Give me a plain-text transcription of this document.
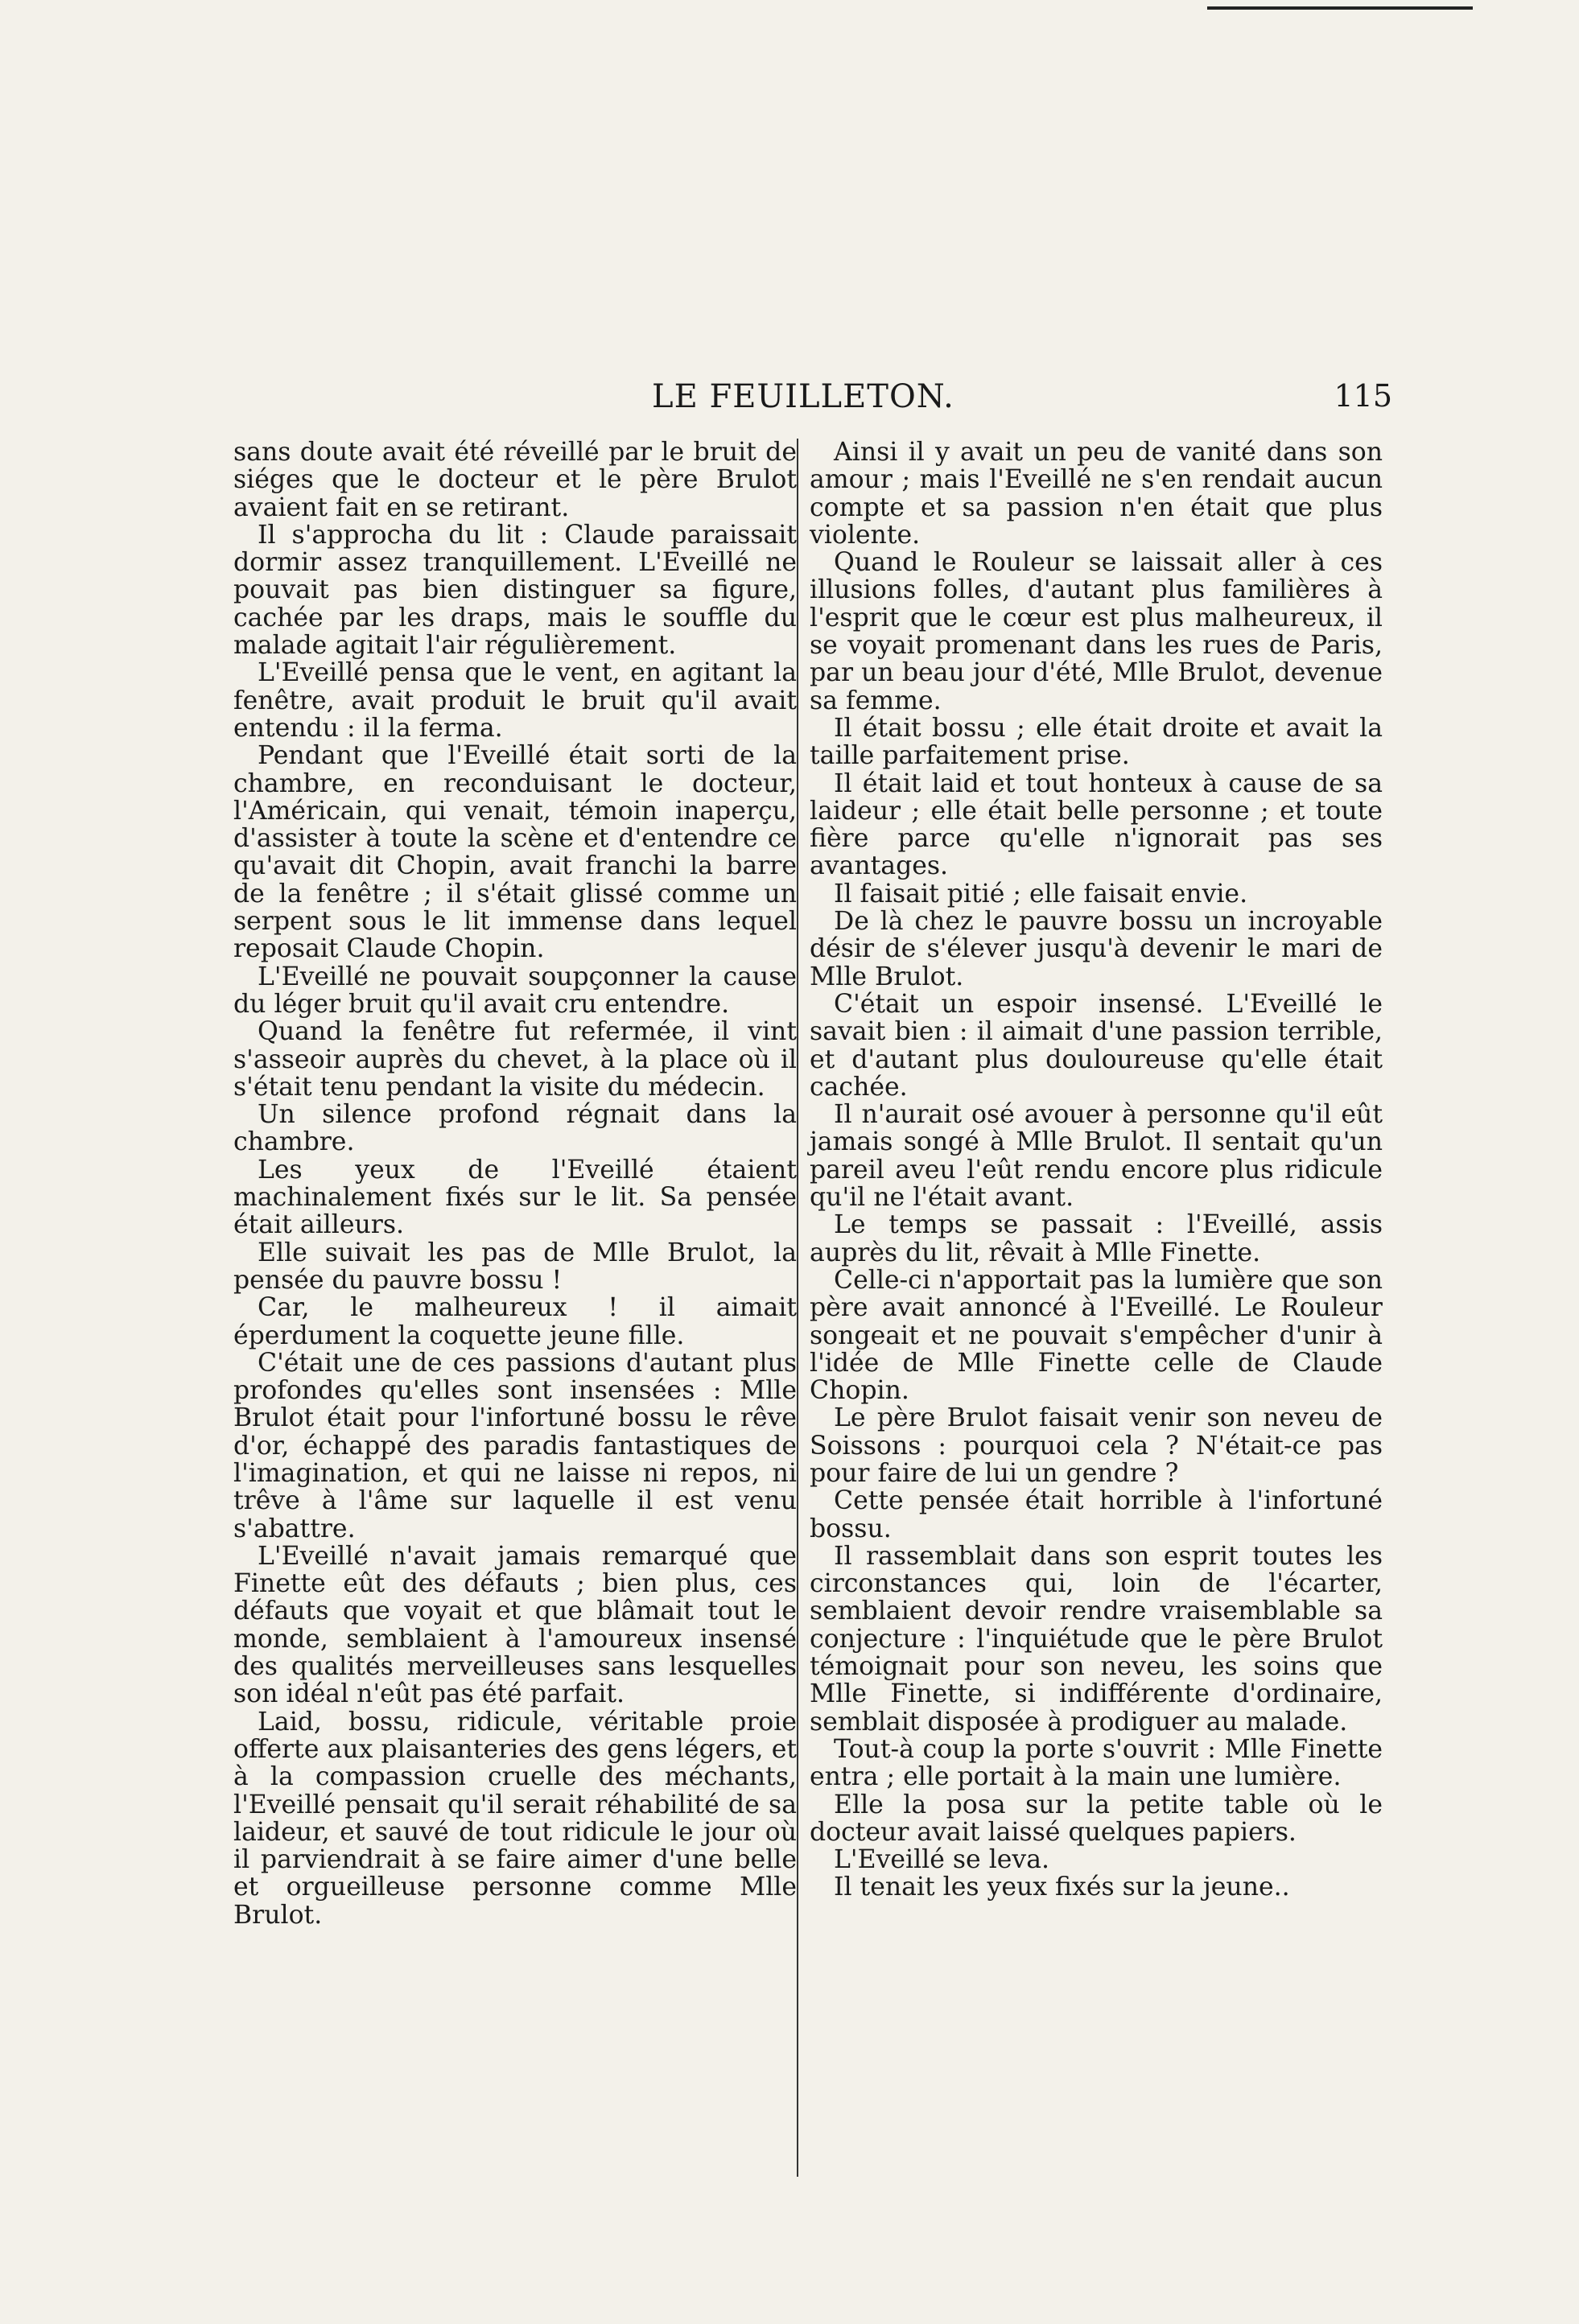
LE FEUILLETON.	115

sans doute avait été réveillé par le bruit de siéges que le docteur et le père Brulot avaient fait en se retirant.

Il s'approcha du lit : Claude paraissait dormir assez tranquillement. L'Eveillé ne pouvait pas bien distinguer sa figure, cachée par les draps, mais le souffle du malade agitait l'air régulièrement.

L'Eveillé pensa que le vent, en agitant la fenêtre, avait produit le bruit qu'il avait entendu : il la ferma.

Pendant que l'Eveillé était sorti de la chambre, en reconduisant le docteur, l'Américain, qui venait, témoin inaperçu, d'assister à toute la scène et d'entendre ce qu'avait dit Chopin, avait franchi la barre de la fenêtre ; il s'était glissé comme un serpent sous le lit immense dans lequel reposait Claude Chopin.

L'Eveillé ne pouvait soupçonner la cause du léger bruit qu'il avait cru entendre.

Quand la fenêtre fut refermée, il vint s'asseoir auprès du chevet, à la place où il s'était tenu pendant la visite du médecin.

Un silence profond régnait dans la chambre.

Les yeux de l'Eveillé étaient machinalement fixés sur le lit. Sa pensée était ailleurs.

Elle suivait les pas de Mlle Brulot, la pensée du pauvre bossu !

Car, le malheureux ! il aimait éperdument la coquette jeune fille.

C'était une de ces passions d'autant plus profondes qu'elles sont insensées : Mlle Brulot était pour l'infortuné bossu le rêve d'or, échappé des paradis fantastiques de l'imagination, et qui ne laisse ni repos, ni trêve à l'âme sur laquelle il est venu s'abattre.

L'Eveillé n'avait jamais remarqué que Finette eût des défauts ; bien plus, ces défauts que voyait et que blâmait tout le monde, semblaient à l'amoureux insensé des qualités merveilleuses sans lesquelles son idéal n'eût pas été parfait.

Laid, bossu, ridicule, véritable proie offerte aux plaisanteries des gens légers, et à la compassion cruelle des méchants, l'Eveillé pensait qu'il serait réhabilité de sa laideur, et sauvé de tout ridicule le jour où il parviendrait à se faire aimer d'une belle et orgueilleuse personne comme Mlle Brulot.

Ainsi il y avait un peu de vanité dans son amour ; mais l'Eveillé ne s'en rendait aucun compte et sa passion n'en était que plus violente.

Quand le Rouleur se laissait aller à ces illusions folles, d'autant plus familières à l'esprit que le cœur est plus malheureux, il se voyait promenant dans les rues de Paris, par un beau jour d'été, Mlle Brulot, devenue sa femme.

Il était bossu ; elle était droite et avait la taille parfaitement prise.

Il était laid et tout honteux à cause de sa laideur ; elle était belle personne ; et toute fière parce qu'elle n'ignorait pas ses avantages.

Il faisait pitié ; elle faisait envie.

De là chez le pauvre bossu un incroyable désir de s'élever jusqu'à devenir le mari de Mlle Brulot.

C'était un espoir insensé. L'Eveillé le savait bien : il aimait d'une passion terrible, et d'autant plus douloureuse qu'elle était cachée.

Il n'aurait osé avouer à personne qu'il eût jamais songé à Mlle Brulot. Il sentait qu'un pareil aveu l'eût rendu encore plus ridicule qu'il ne l'était avant.

Le temps se passait : l'Eveillé, assis auprès du lit, rêvait à Mlle Finette.

Celle-ci n'apportait pas la lumière que son père avait annoncé à l'Eveillé. Le Rouleur songeait et ne pouvait s'empêcher d'unir à l'idée de Mlle Finette celle de Claude Chopin.

Le père Brulot faisait venir son neveu de Soissons : pourquoi cela ? N'était-ce pas pour faire de lui un gendre ?

Cette pensée était horrible à l'infortuné bossu.

Il rassemblait dans son esprit toutes les circonstances qui, loin de l'écarter, semblaient devoir rendre vraisemblable sa conjecture : l'inquiétude que le père Brulot témoignait pour son neveu, les soins que Mlle Finette, si indifférente d'ordinaire, semblait disposée à prodiguer au malade.

Tout-à coup la porte s'ouvrit : Mlle Finette entra ; elle portait à la main une lumière.

Elle la posa sur la petite table où le docteur avait laissé quelques papiers.

L'Eveillé se leva.

Il tenait les yeux fixés sur la jeune..
